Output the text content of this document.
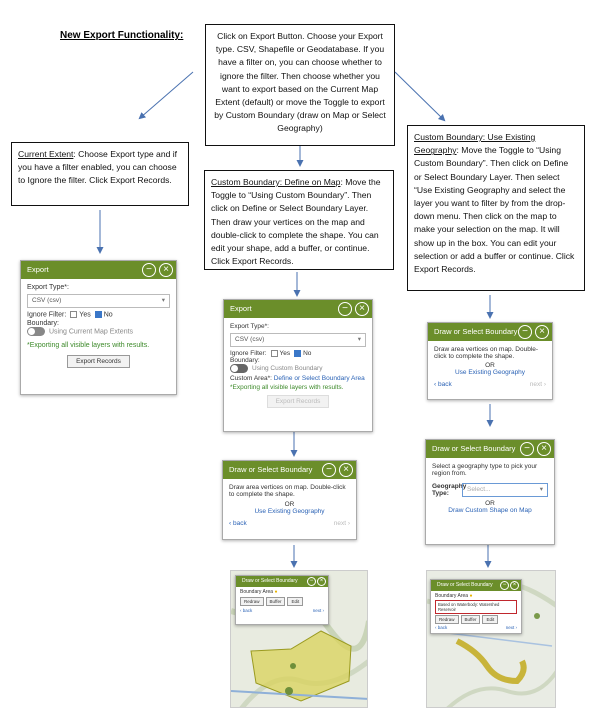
New Export Functionality:	Click on Export Button. Choose your Export type. CSV, Shapefile or Geodatabase. If you have a filter on, you can choose whether to ignore the filter. Then choose whether you want to export based on the Current Map Extent (default) or move the Toggle to export by Custom Boundary (draw on Map or Select Geography)
Current Extent: Choose Export type and if you have a filter enabled, you can choose to Ignore the filter. Click Export Records.	Custom Boundary: Define on Map: Move the Toggle to “Using Custom Boundary”. Then click on Define or Select Boundary Layer. Then draw your vertices on the map and double-click to complete the shape. You can edit your shape, add a buffer, or continue. Click Export Records.
Custom Boundary: Use Existing Geography: Move the Toggle to “Using Custom Boundary”. Then click on Define or Select Boundary Layer. Then select “Use Existing Geography and select the layer you want to filter by from the drop-down menu. Then click on the map to make your selection on the map. It will show up in the box. You can edit your selection or add a buffer or continue. Click Export Records.
Export	−	×
Export Type*:
CSV (csv) ▾
Ignore Filter: Yes No
Boundary:
Using Current Map Extents
*Exporting all visible layers with results.
Export Records
Export	−	×
Export Type*:
CSV (csv) ▾
Ignore Filter: Yes No
Boundary:
Using Custom Boundary
Custom Area*: Define or Select Boundary Area
*Exporting all visible layers with results.
Export Records
Draw or Select Boundary	−	×
Draw area vertices on map. Double-click to complete the shape.
OR
Use Existing Geography
‹ back	next ›
Draw or Select Boundary −	×
Draw area vertices on map. Double-click to complete the shape.
OR
Use Existing Geography
‹ back	next ›
Draw or Select Boundary −	×
Select a geography type to pick your region from.
Geography Type:
Select... ▾
OR
Draw Custom Shape on Map
Draw or Select Boundary	−	×
Boundary Area ●
Redraw	Buffer	Edit
‹ back	next ›
Draw or Select Boundary	−	×
Boundary Area ●
Based on Waterbody: Watershed Reservoir
Redraw	Buffer	Edit
‹ back	next ›
